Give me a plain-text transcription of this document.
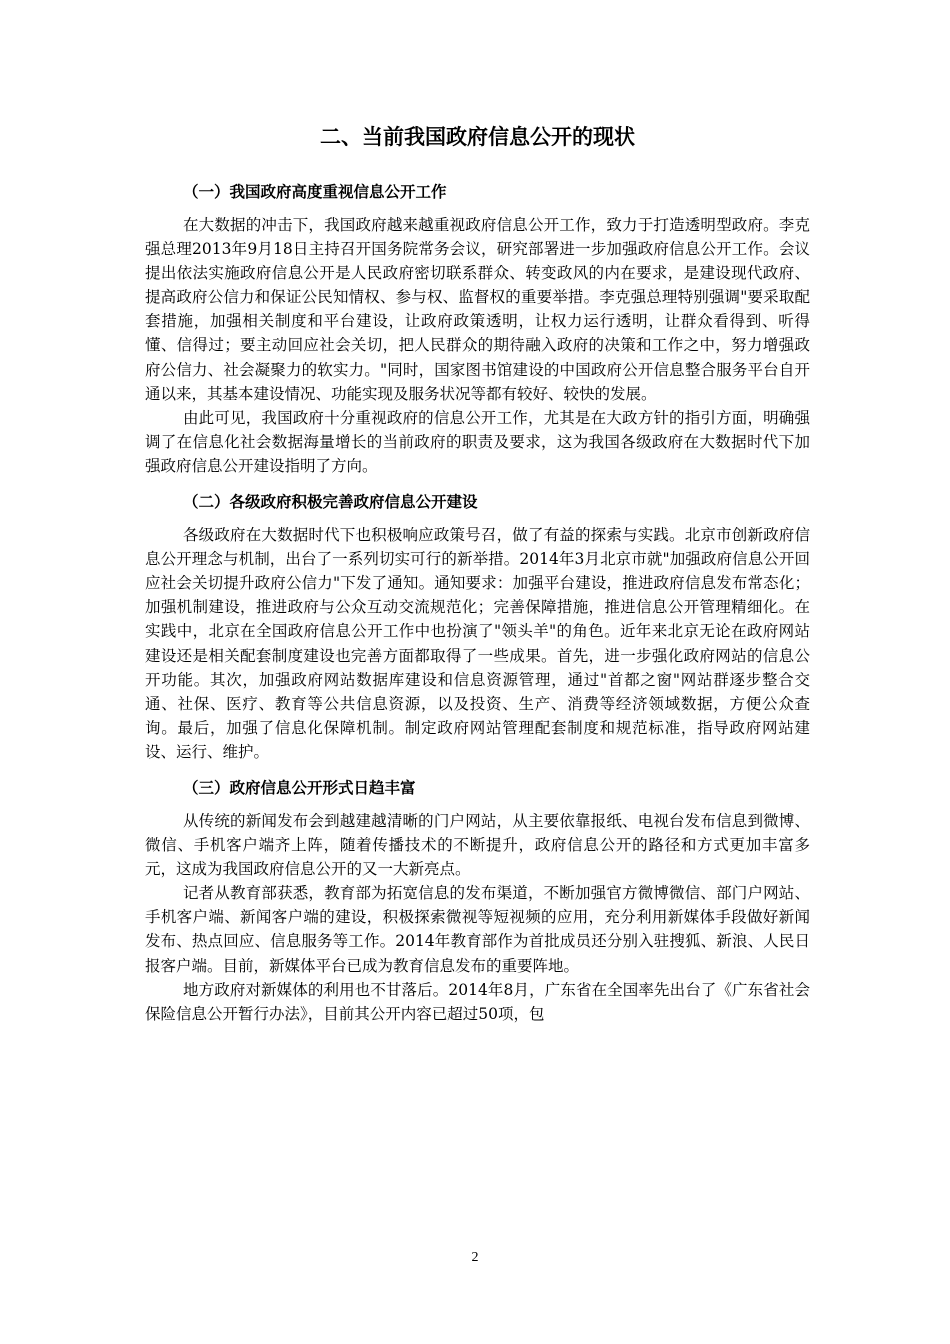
二、当前我国政府信息公开的现状
（一）我国政府高度重视信息公开工作

在大数据的冲击下，我国政府越来越重视政府信息公开工作，致力于打造透明型政府。李克强总理2013年9月18日主持召开国务院常务会议，研究部署进一步加强政府信息公开工作。会议提出依法实施政府信息公开是人民政府密切联系群众、转变政风的内在要求，是建设现代政府、提高政府公信力和保证公民知情权、参与权、监督权的重要举措。李克强总理特别强调"要采取配套措施，加强相关制度和平台建设，让政府政策透明，让权力运行透明，让群众看得到、听得懂、信得过；要主动回应社会关切，把人民群众的期待融入政府的决策和工作之中，努力增强政府公信力、社会凝聚力的软实力。"同时，国家图书馆建设的中国政府公开信息整合服务平台自开通以来，其基本建设情况、功能实现及服务状况等都有较好、较快的发展。

由此可见，我国政府十分重视政府的信息公开工作，尤其是在大政方针的指引方面，明确强调了在信息化社会数据海量增长的当前政府的职责及要求，这为我国各级政府在大数据时代下加强政府信息公开建设指明了方向。

（二）各级政府积极完善政府信息公开建设

各级政府在大数据时代下也积极响应政策号召，做了有益的探索与实践。北京市创新政府信息公开理念与机制，出台了一系列切实可行的新举措。2014年3月北京市就"加强政府信息公开回应社会关切提升政府公信力"下发了通知。通知要求：加强平台建设，推进政府信息发布常态化；加强机制建设，推进政府与公众互动交流规范化；完善保障措施，推进信息公开管理精细化。在实践中，北京在全国政府信息公开工作中也扮演了"领头羊"的角色。近年来北京无论在政府网站建设还是相关配套制度建设也完善方面都取得了一些成果。首先，进一步强化政府网站的信息公开功能。其次，加强政府网站数据库建设和信息资源管理，通过"首都之窗"网站群逐步整合交通、社保、医疗、教育等公共信息资源，以及投资、生产、消费等经济领域数据，方便公众查询。最后，加强了信息化保障机制。制定政府网站管理配套制度和规范标准，指导政府网站建设、运行、维护。

（三）政府信息公开形式日趋丰富

从传统的新闻发布会到越建越清晰的门户网站，从主要依靠报纸、电视台发布信息到微博、微信、手机客户端齐上阵，随着传播技术的不断提升，政府信息公开的路径和方式更加丰富多元，这成为我国政府信息公开的又一大新亮点。

记者从教育部获悉，教育部为拓宽信息的发布渠道，不断加强官方微博微信、部门户网站、手机客户端、新闻客户端的建设，积极探索微视等短视频的应用，充分利用新媒体手段做好新闻发布、热点回应、信息服务等工作。2014年教育部作为首批成员还分别入驻搜狐、新浪、人民日报客户端。目前，新媒体平台已成为教育信息发布的重要阵地。

地方政府对新媒体的利用也不甘落后。2014年8月，广东省在全国率先出台了《广东省社会保险信息公开暂行办法》，目前其公开内容已超过50项，包

2
